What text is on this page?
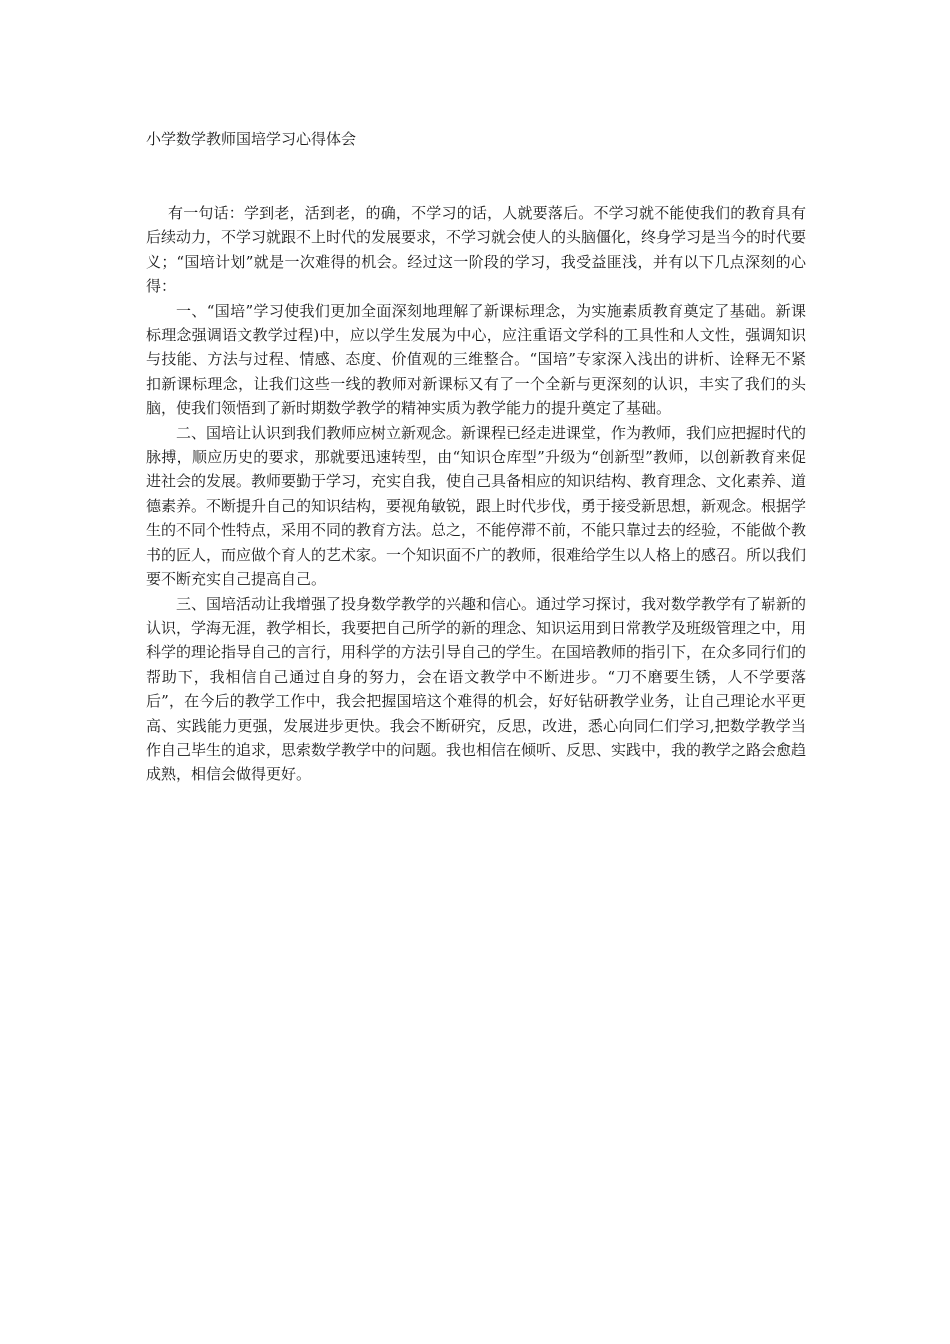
小学数学教师国培学习心得体会

有一句话：学到老，活到老，的确，不学习的话，人就要落后。不学习就不能使我们的教育具有后续动力，不学习就跟不上时代的发展要求，不学习就会使人的头脑僵化，终身学习是当今的时代要义；“国培计划”就是一次难得的机会。经过这一阶段的学习，我受益匪浅，并有以下几点深刻的心得：

一、“国培”学习使我们更加全面深刻地理解了新课标理念，为实施素质教育奠定了基础。新课标理念强调语文教学过程)中，应以学生发展为中心，应注重语文学科的工具性和人文性，强调知识与技能、方法与过程、情感、态度、价值观的三维整合。“国培”专家深入浅出的讲析、诠释无不紧扣新课标理念，让我们这些一线的教师对新课标又有了一个全新与更深刻的认识，丰实了我们的头脑，使我们领悟到了新时期数学教学的精神实质为教学能力的提升奠定了基础。

二、国培让认识到我们教师应树立新观念。新课程已经走进课堂，作为教师，我们应把握时代的脉搏，顺应历史的要求，那就要迅速转型，由“知识仓库型”升级为“创新型”教师，以创新教育来促进社会的发展。教师要勤于学习，充实自我，使自己具备相应的知识结构、教育理念、文化素养、道德素养。不断提升自己的知识结构，要视角敏锐，跟上时代步伐，勇于接受新思想，新观念。根据学生的不同个性特点，采用不同的教育方法。总之，不能停滞不前，不能只靠过去的经验，不能做个教书的匠人，而应做个育人的艺术家。一个知识面不广的教师，很难给学生以人格上的感召。所以我们要不断充实自己提高自己。

三、国培活动让我增强了投身数学教学的兴趣和信心。通过学习探讨，我对数学教学有了崭新的认识，学海无涯，教学相长，我要把自己所学的新的理念、知识运用到日常教学及班级管理之中，用科学的理论指导自己的言行，用科学的方法引导自己的学生。在国培教师的指引下，在众多同行们的帮助下，我相信自己通过自身的努力，会在语文教学中不断进步。“刀不磨要生锈，人不学要落后”，在今后的教学工作中，我会把握国培这个难得的机会，好好钻研教学业务，让自己理论水平更高、实践能力更强，发展进步更快。我会不断研究，反思，改进，悉心向同仁们学习,把数学教学当作自己毕生的追求，思索数学教学中的问题。我也相信在倾听、反思、实践中，我的教学之路会愈趋成熟，相信会做得更好。
